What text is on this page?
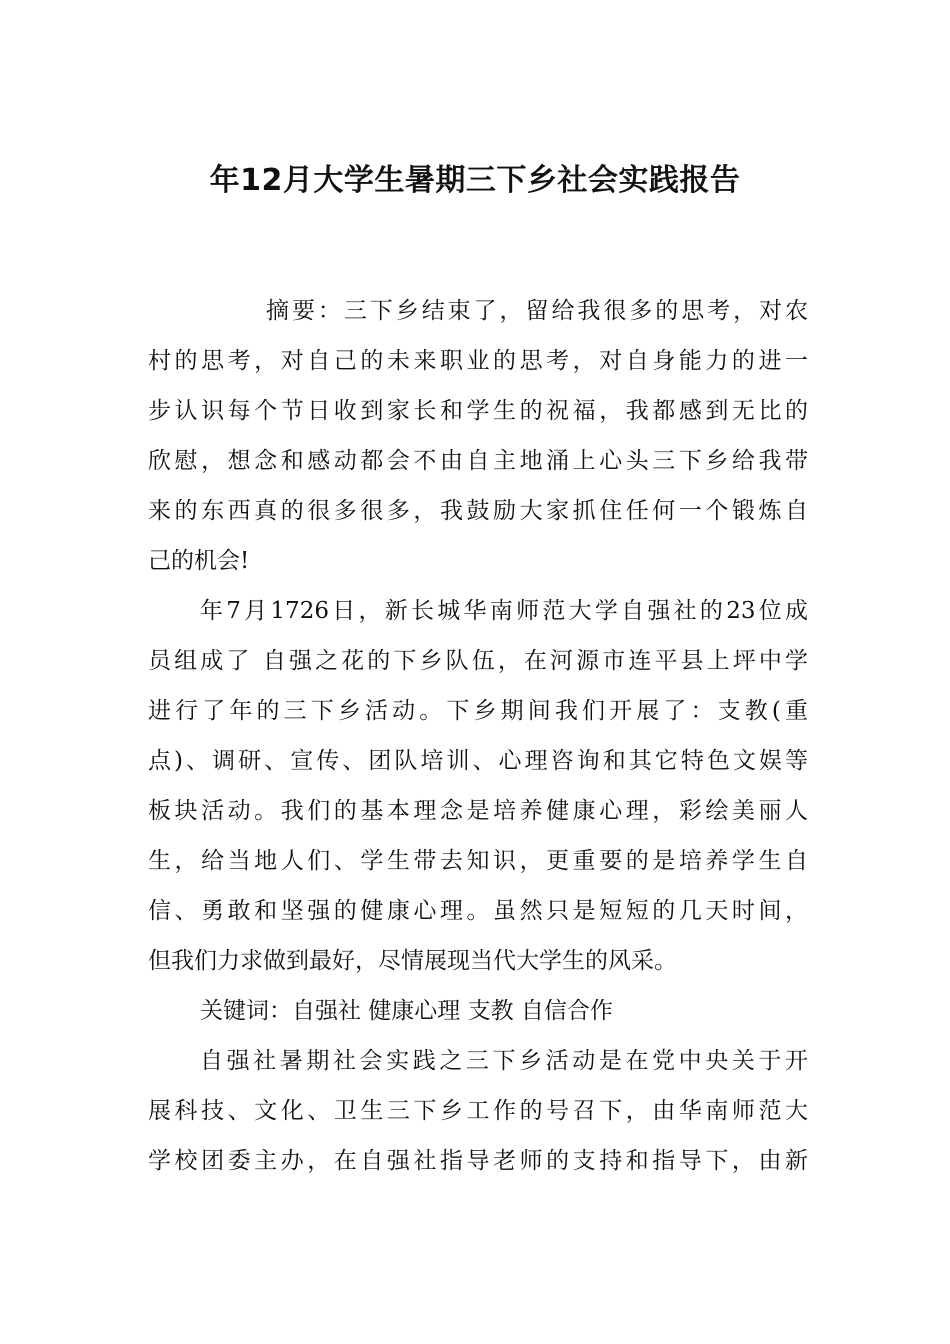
年12月大学生暑期三下乡社会实践报告
摘要：三下乡结束了，留给我很多的思考，对农
村的思考，对自己的未来职业的思考，对自身能力的进一
步认识每个节日收到家长和学生的祝福，我都感到无比的
欣慰，想念和感动都会不由自主地涌上心头三下乡给我带
来的东西真的很多很多，我鼓励大家抓住任何一个锻炼自
己的机会!
年7月1726日，新长城华南师范大学自强社的23位成
员组成了 自强之花的下乡队伍，在河源市连平县上坪中学
进行了年的三下乡活动。下乡期间我们开展了：支教(重
点)、调研、宣传、团队培训、心理咨询和其它特色文娱等
板块活动。我们的基本理念是培养健康心理，彩绘美丽人
生，给当地人们、学生带去知识，更重要的是培养学生自
信、勇敢和坚强的健康心理。虽然只是短短的几天时间，
但我们力求做到最好，尽情展现当代大学生的风采。
关键词：自强社 健康心理 支教 自信合作
自强社暑期社会实践之三下乡活动是在党中央关于开
展科技、文化、卫生三下乡工作的号召下，由华南师范大
学校团委主办，在自强社指导老师的支持和指导下，由新
